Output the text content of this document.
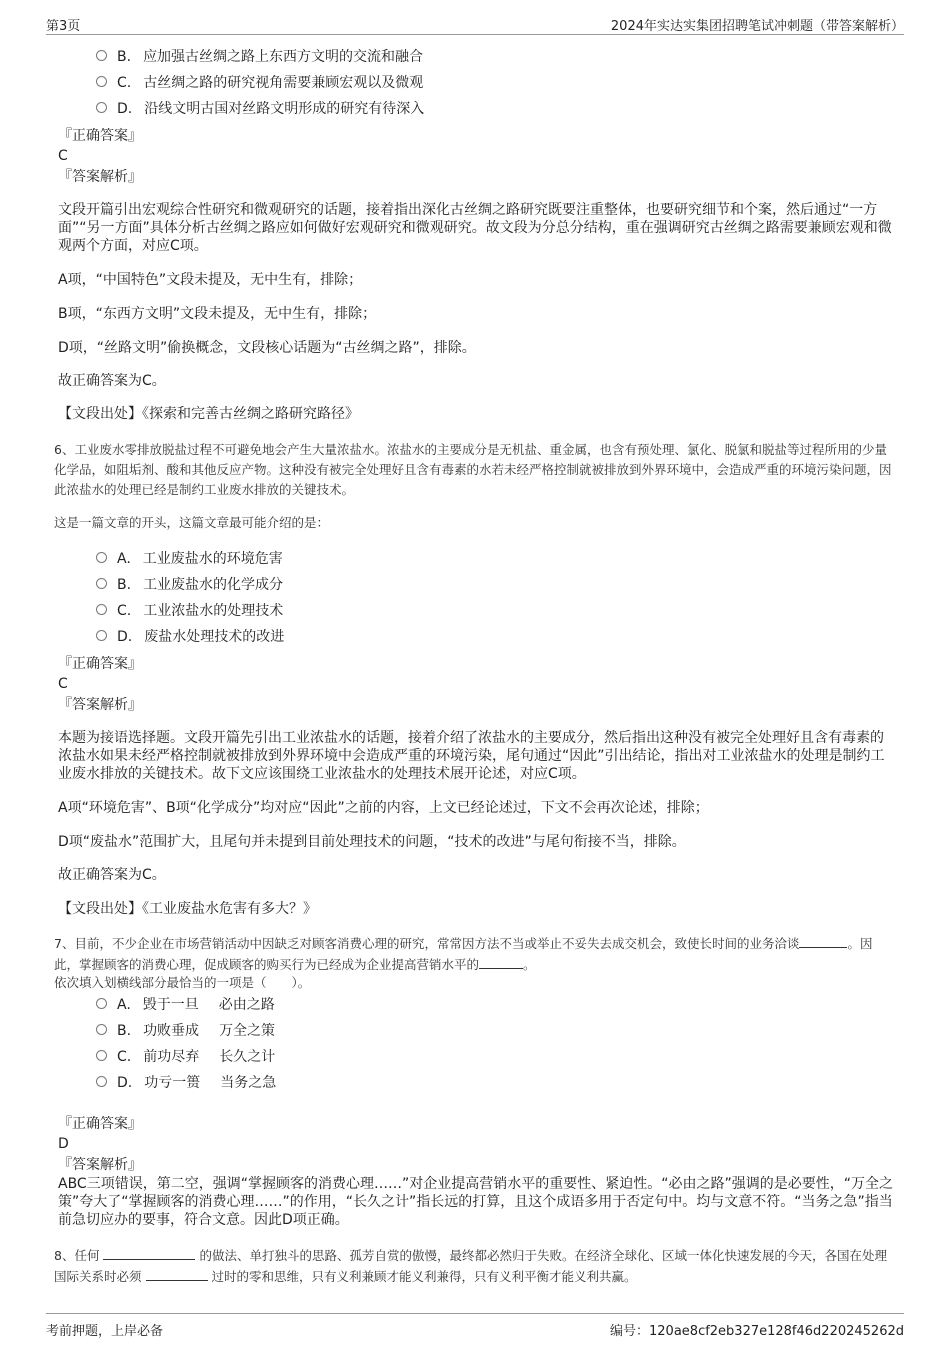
第3页	2024年实达实集团招聘笔试冲刺题（带答案解析）
B. 应加强古丝绸之路上东西方文明的交流和融合
C. 古丝绸之路的研究视角需要兼顾宏观以及微观
D. 沿线文明古国对丝路文明形成的研究有待深入
『正确答案』
C
『答案解析』
文段开篇引出宏观综合性研究和微观研究的话题，接着指出深化古丝绸之路研究既要注重整体，也要研究细节和个案，然后通过“一方面”“另一方面”具体分析古丝绸之路应如何做好宏观研究和微观研究。故文段为分总分结构，重在强调研究古丝绸之路需要兼顾宏观和微观两个方面，对应C项。
A项，“中国特色”文段未提及，无中生有，排除；
B项，“东西方文明”文段未提及，无中生有，排除；
D项，“丝路文明”偷换概念，文段核心话题为“古丝绸之路”，排除。
故正确答案为C。
【文段出处】《探索和完善古丝绸之路研究路径》
6、工业废水零排放脱盐过程不可避免地会产生大量浓盐水。浓盐水的主要成分是无机盐、重金属，也含有预处理、氯化、脱氯和脱盐等过程所用的少量化学品，如阻垢剂、酸和其他反应产物。这种没有被完全处理好且含有毒素的水若未经严格控制就被排放到外界环境中，会造成严重的环境污染问题，因此浓盐水的处理已经是制约工业废水排放的关键技术。
这是一篇文章的开头，这篇文章最可能介绍的是：
A. 工业废盐水的环境危害
B. 工业废盐水的化学成分
C. 工业浓盐水的处理技术
D. 废盐水处理技术的改进
『正确答案』
C
『答案解析』
本题为接语选择题。文段开篇先引出工业浓盐水的话题，接着介绍了浓盐水的主要成分，然后指出这种没有被完全处理好且含有毒素的浓盐水如果未经严格控制就被排放到外界环境中会造成严重的环境污染，尾句通过“因此”引出结论，指出对工业浓盐水的处理是制约工业废水排放的关键技术。故下文应该围绕工业浓盐水的处理技术展开论述，对应C项。
A项“环境危害”、B项“化学成分”均对应“因此”之前的内容，上文已经论述过，下文不会再次论述，排除；
D项“废盐水”范围扩大，且尾句并未提到目前处理技术的问题，“技术的改进”与尾句衔接不当，排除。
故正确答案为C。
【文段出处】《工业废盐水危害有多大？》
7、目前，不少企业在市场营销活动中因缺乏对顾客消费心理的研究，常常因方法不当或举止不妥失去成交机会，致使长时间的业务洽谈	。因此，掌握顾客的消费心理，促成顾客的购买行为已经成为企业提高营销水平的	。
依次填入划横线部分最恰当的一项是（　　）。
A. 毁于一旦 必由之路
B. 功败垂成 万全之策
C. 前功尽弃 长久之计
D. 功亏一篑 当务之急
『正确答案』
D
『答案解析』
ABC三项错误，第二空，强调“掌握顾客的消费心理……”对企业提高营销水平的重要性、紧迫性。“必由之路”强调的是必要性，“万全之策”夸大了“掌握顾客的消费心理……”的作用，“长久之计”指长远的打算，且这个成语多用于否定句中。均与文意不符。“当务之急”指当前急切应办的要事，符合文意。因此D项正确。
8、任何	的做法、单打独斗的思路、孤芳自赏的傲慢，最终都必然归于失败。在经济全球化、区域一体化快速发展的今天，各国在处理国际关系时必须	过时的零和思维，只有义利兼顾才能义利兼得，只有义利平衡才能义利共赢。
考前押题，上岸必备	编号：120ae8cf2eb327e128f46d220245262d
